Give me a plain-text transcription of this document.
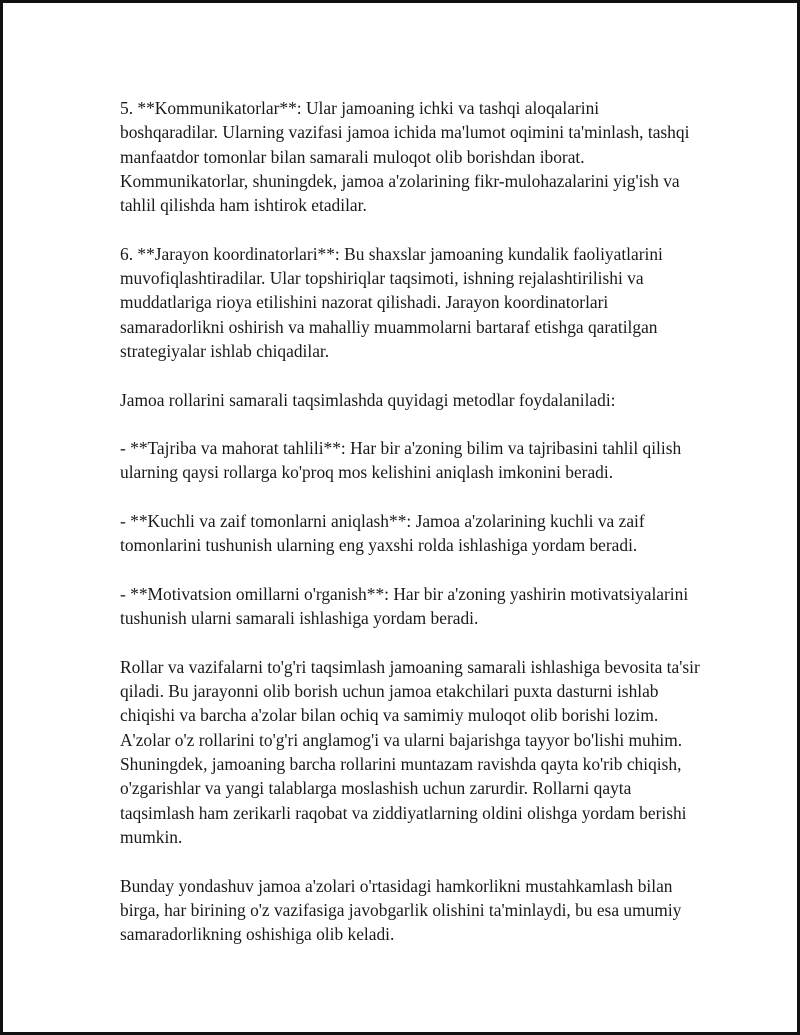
5. **Kommunikatorlar**: Ular jamoaning ichki va tashqi aloqalarini boshqaradilar. Ularning vazifasi jamoa ichida ma'lumot oqimini ta'minlash, tashqi manfaatdor tomonlar bilan samarali muloqot olib borishdan iborat. Kommunikatorlar, shuningdek, jamoa a'zolarining fikr-mulohazalarini yig'ish va tahlil qilishda ham ishtirok etadilar.

6. **Jarayon koordinatorlari**: Bu shaxslar jamoaning kundalik faoliyatlarini muvofiqlashtiradilar. Ular topshiriqlar taqsimoti, ishning rejalashtirilishi va muddatlariga rioya etilishini nazorat qilishadi. Jarayon koordinatorlari samaradorlikni oshirish va mahalliy muammolarni bartaraf etishga qaratilgan strategiyalar ishlab chiqadilar.

Jamoa rollarini samarali taqsimlashda quyidagi metodlar foydalaniladi:

- **Tajriba va mahorat tahlili**: Har bir a'zoning bilim va tajribasini tahlil qilish ularning qaysi rollarga ko'proq mos kelishini aniqlash imkonini beradi.

- **Kuchli va zaif tomonlarni aniqlash**: Jamoa a'zolarining kuchli va zaif tomonlarini tushunish ularning eng yaxshi rolda ishlashiga yordam beradi.

- **Motivatsion omillarni o'rganish**: Har bir a'zoning yashirin motivatsiyalarini tushunish ularni samarali ishlashiga yordam beradi.

Rollar va vazifalarni to'g'ri taqsimlash jamoaning samarali ishlashiga bevosita ta'sir qiladi. Bu jarayonni olib borish uchun jamoa etakchilari puxta dasturni ishlab chiqishi va barcha a'zolar bilan ochiq va samimiy muloqot olib borishi lozim. A'zolar o'z rollarini to'g'ri anglamog'i va ularni bajarishga tayyor bo'lishi muhim. Shuningdek, jamoaning barcha rollarini muntazam ravishda qayta ko'rib chiqish, o'zgarishlar va yangi talablarga moslashish uchun zarurdir. Rollarni qayta taqsimlash ham zerikarli raqobat va ziddiyatlarning oldini olishga yordam berishi mumkin.

Bunday yondashuv jamoa a'zolari o'rtasidagi hamkorlikni mustahkamlash bilan birga, har birining o'z vazifasiga javobgarlik olishini ta'minlaydi, bu esa umumiy samaradorlikning oshishiga olib keladi.
